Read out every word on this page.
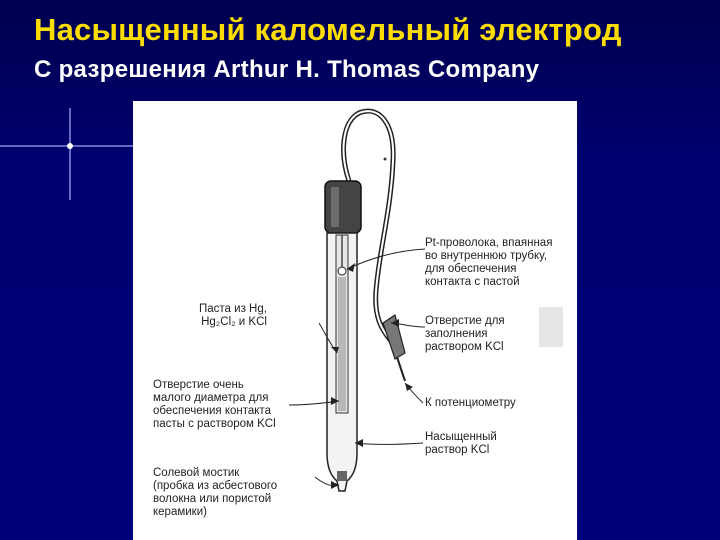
Насыщенный каломельный электрод
С разрешения Arthur H. Thomas Company

Pt-проволока, впаянная
во внутреннюю трубку,
для обеспечения
контакта с пастой

Паста из Hg,
Hg₂Cl₂ и KCl	Отверстие для
заполнения
раствором KCl

Отверстие очень
малого диаметра для
обеспечения контакта
пасты с раствором KCl

К потенциометру

Насыщенный
раствор KCl

Солевой мостик
(пробка из асбестового
волокна или пористой
керамики)
